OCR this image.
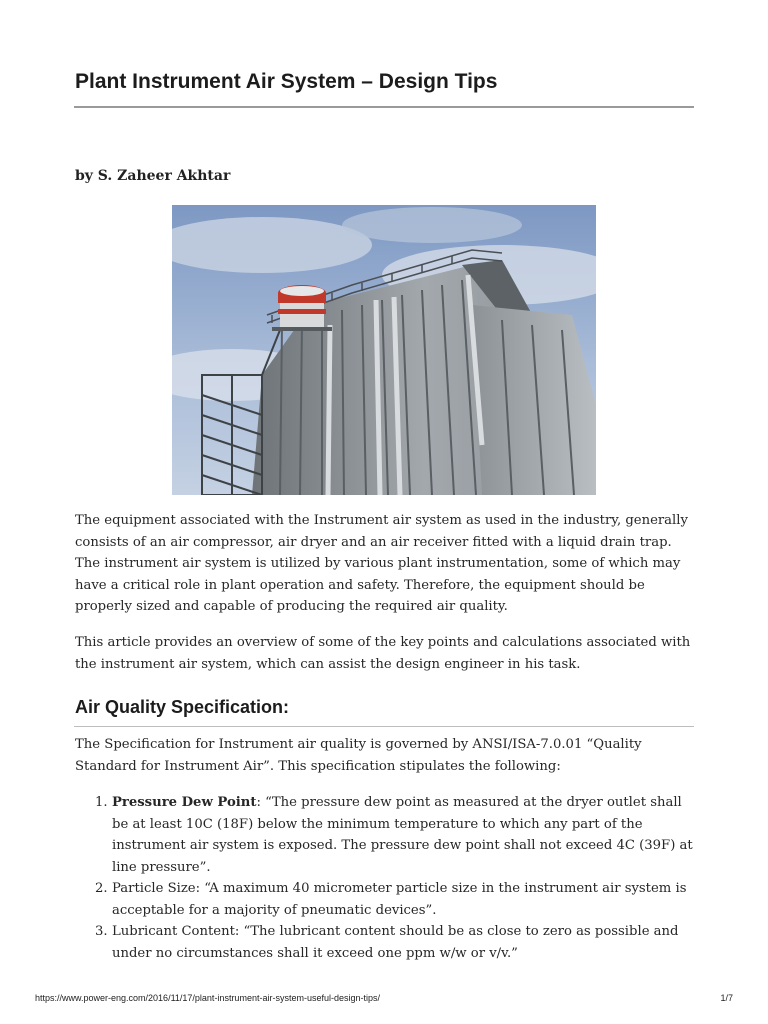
Plant Instrument Air System – Design Tips
by S. Zaheer Akhtar

The equipment associated with the Instrument air system as used in the industry, generally consists of an air compressor, air dryer and an air receiver fitted with a liquid drain trap. The instrument air system is utilized by various plant instrumentation, some of which may have a critical role in plant operation and safety. Therefore, the equipment should be properly sized and capable of producing the required air quality.

This article provides an overview of some of the key points and calculations associated with the instrument air system, which can assist the design engineer in his task.

Air Quality Specification:

The Specification for Instrument air quality is governed by ANSI/ISA-7.0.01 “Quality Standard for Instrument Air”. This specification stipulates the following:

1. Pressure Dew Point: “The pressure dew point as measured at the dryer outlet shall be at least 10C (18F) below the minimum temperature to which any part of the instrument air system is exposed. The pressure dew point shall not exceed 4C (39F) at line pressure”.
2. Particle Size: “A maximum 40 micrometer particle size in the instrument air system is acceptable for a majority of pneumatic devices”.
3. Lubricant Content: “The lubricant content should be as close to zero as possible and under no circumstances shall it exceed one ppm w/w or v/v.”
https://www.power-eng.com/2016/11/17/plant-instrument-air-system-useful-design-tips/	1/7
